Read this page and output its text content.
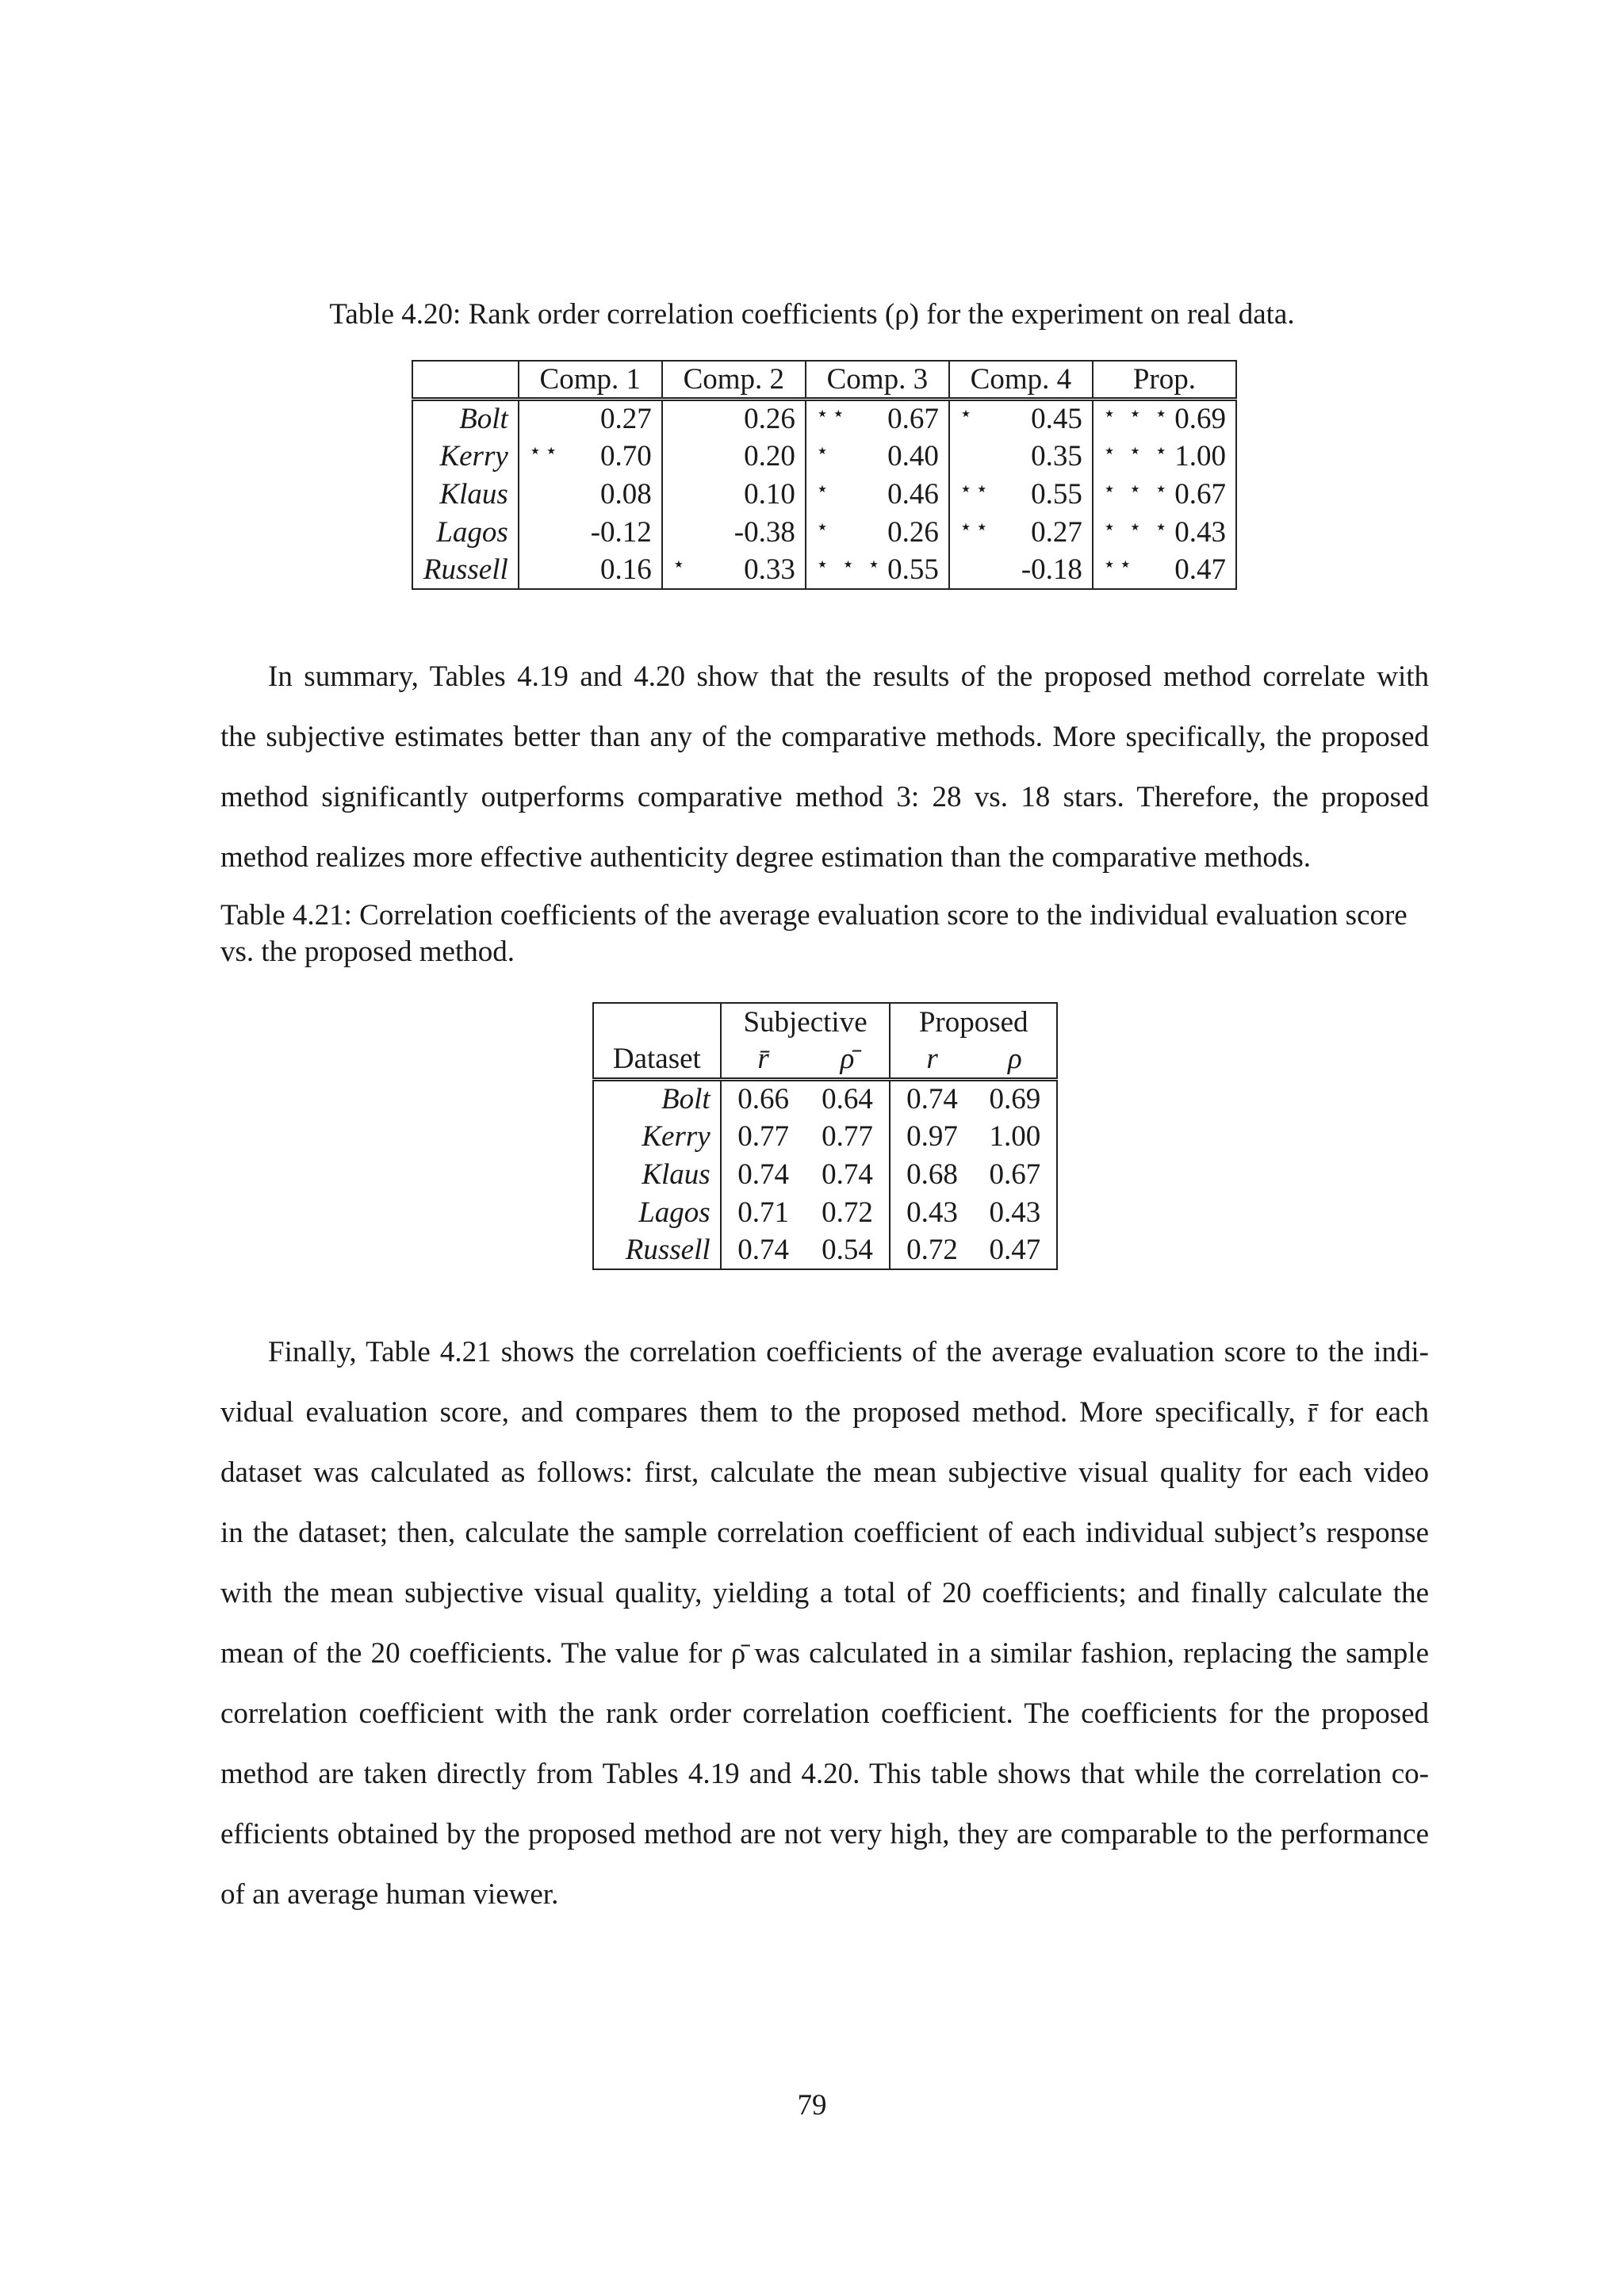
Table 4.20: Rank order correlation coefficients (ρ) for the experiment on real data.
	Comp. 1	Comp. 2	Comp. 3	Comp. 4	Prop.
Bolt	0.27	0.26	⋆⋆ 0.67	⋆ 0.45	⋆ ⋆ ⋆ 0.69

Kerry	⋆⋆ 0.70	0.20	⋆ 0.40	0.35	⋆ ⋆ ⋆ 1.00

Klaus	0.08	0.10	⋆ 0.46	⋆⋆ 0.55	⋆ ⋆ ⋆ 0.67

Lagos	-0.12	-0.38	⋆ 0.26	⋆⋆ 0.27	⋆ ⋆ ⋆ 0.43

Russell	0.16	⋆ 0.33	⋆ ⋆ ⋆ 0.55	-0.18	⋆⋆ 0.47
In summary, Tables 4.19 and 4.20 show that the results of the proposed method correlate with
the subjective estimates better than any of the comparative methods. More specifically, the proposed
method significantly outperforms comparative method 3: 28 vs. 18 stars. Therefore, the proposed
method realizes more effective authenticity degree estimation than the comparative methods.
Table 4.21: Correlation coefficients of the average evaluation score to the individual evaluation score
vs. the proposed method.
	Subjective		Proposed	
Dataset	r̄	ρ̄	r	ρ
Bolt	0.66	0.64	0.74	0.69
Kerry	0.77	0.77	0.97	1.00
Klaus	0.74	0.74	0.68	0.67
Lagos	0.71	0.72	0.43	0.43
Russell	0.74	0.54	0.72	0.47
Finally, Table 4.21 shows the correlation coefficients of the average evaluation score to the indi-
vidual evaluation score, and compares them to the proposed method. More specifically, r̄ for each
dataset was calculated as follows: first, calculate the mean subjective visual quality for each video
in the dataset; then, calculate the sample correlation coefficient of each individual subject’s response
with the mean subjective visual quality, yielding a total of 20 coefficients; and finally calculate the
mean of the 20 coefficients. The value for ρ̄ was calculated in a similar fashion, replacing the sample
correlation coefficient with the rank order correlation coefficient. The coefficients for the proposed
method are taken directly from Tables 4.19 and 4.20. This table shows that while the correlation co-
efficients obtained by the proposed method are not very high, they are comparable to the performance
of an average human viewer.
79
